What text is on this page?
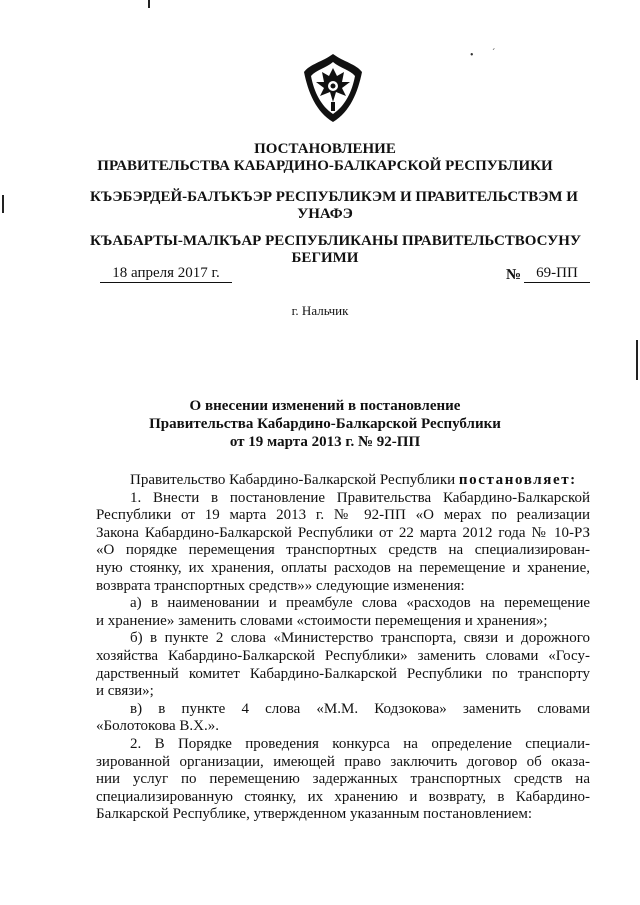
• ˊ
ПОСТАНОВЛЕНИЕ
ПРАВИТЕЛЬСТВА КАБАРДИНО-БАЛКАРСКОЙ РЕСПУБЛИКИ
КЪЭБЭРДЕЙ-БАЛЪКЪЭР РЕСПУБЛИКЭМ И ПРАВИТЕЛЬСТВЭМ И
УНАФЭ
КЪАБАРТЫ-МАЛКЪАР РЕСПУБЛИКАНЫ ПРАВИТЕЛЬСТВОСУНУ
БЕГИМИ
18 апреля 2017 г.	№	69-ПП
г. Нальчик
О внесении изменений в постановление
Правительства Кабардино-Балкарской Республики
от 19 марта 2013 г. № 92-ПП
Правительство Кабардино-Балкарской Республики постановляет:
1. Внести в постановление Правительства Кабардино-Балкарской
Республики от 19 марта 2013 г. № 92-ПП «О мерах по реализации
Закона Кабардино-Балкарской Республики от 22 марта 2012 года № 10-РЗ
«О порядке перемещения транспортных средств на специализирован-
ную стоянку, их хранения, оплаты расходов на перемещение и хранение,
возврата транспортных средств»» следующие изменения:
а) в наименовании и преамбуле слова «расходов на перемещение
и хранение» заменить словами «стоимости перемещения и хранения»;
б) в пункте 2 слова «Министерство транспорта, связи и дорожного
хозяйства Кабардино-Балкарской Республики» заменить словами «Госу-
дарственный комитет Кабардино-Балкарской Республики по транспорту
и связи»;
в) в пункте 4 слова «М.М. Кодзокова» заменить словами
«Болотокова В.Х.».
2. В Порядке проведения конкурса на определение специали-
зированной организации, имеющей право заключить договор об оказа-
нии услуг по перемещению задержанных транспортных средств на
специализированную стоянку, их хранению и возврату, в Кабардино-
Балкарской Республике, утвержденном указанным постановлением:
